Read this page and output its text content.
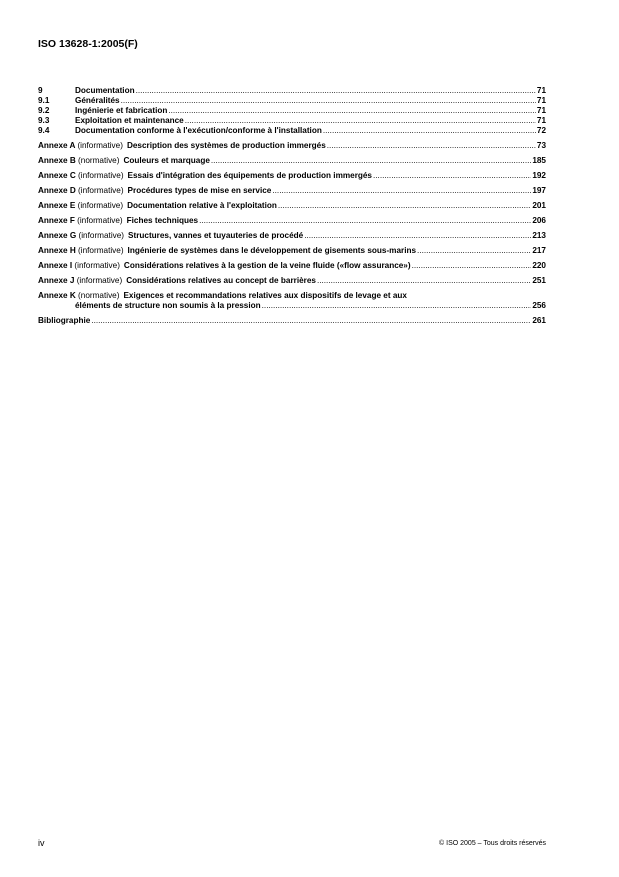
ISO 13628-1:2005(F)
9	Documentation .....	71
9.1	Généralités .....	71
9.2	Ingénierie et fabrication .....	71
9.3	Exploitation et maintenance .....	71
9.4	Documentation conforme à l'exécution/conforme à l'installation .....	72
Annexe A (informative) Description des systèmes de production immergés .....	73
Annexe B (normative) Couleurs et marquage .....	185
Annexe C (informative) Essais d'intégration des équipements de production immergés .....	192
Annexe D (informative) Procédures types de mise en service .....	197
Annexe E (informative) Documentation relative à l'exploitation .....	201
Annexe F (informative) Fiches techniques .....	206
Annexe G (informative) Structures, vannes et tuyauteries de procédé .....	213
Annexe H (informative) Ingénierie de systèmes dans le développement de gisements sous-marins .....	217
Annexe I (informative) Considérations relatives à la gestion de la veine fluide («flow assurance») .....	220
Annexe J (informative) Considérations relatives au concept de barrières .....	251
Annexe K (normative) Exigences et recommandations relatives aux dispositifs de levage et aux
éléments de structure non soumis à la pression .....	256
Bibliographie .....	261
iv	© ISO 2005 – Tous droits réservés
